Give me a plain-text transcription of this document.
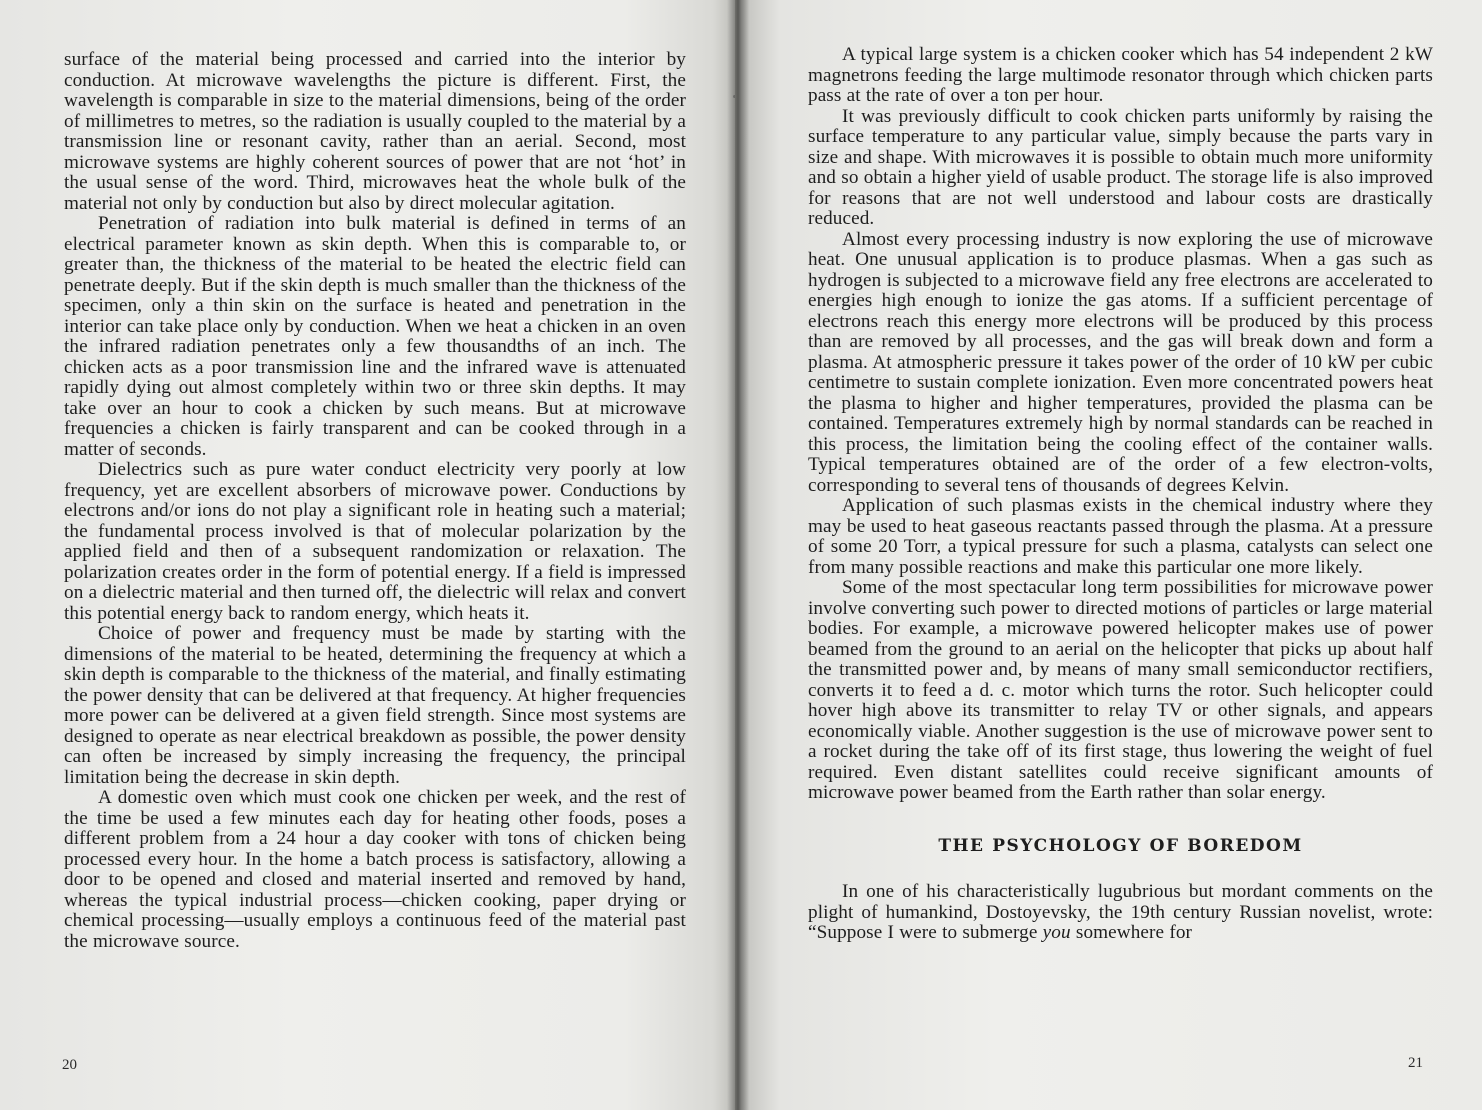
surface of the material being processed and carried into the interior by conduction. At microwave wavelengths the picture is different. First, the wavelength is comparable in size to the material dimensions, being of the order of millimetres to metres, so the radiation is usually coupled to the material by a transmission line or resonant cavity, rather than an aerial. Second, most microwave systems are highly coherent sources of power that are not ‘hot’ in the usual sense of the word. Third, microwaves heat the whole bulk of the material not only by conduction but also by direct molecular agitation.

Penetration of radiation into bulk material is defined in terms of an electrical parameter known as skin depth. When this is comparable to, or greater than, the thickness of the material to be heated the electric field can penetrate deeply. But if the skin depth is much smaller than the thickness of the specimen, only a thin skin on the surface is heated and penetration in the interior can take place only by conduction. When we heat a chicken in an oven the infrared radiation penetrates only a few thousandths of an inch. The chicken acts as a poor transmission line and the infrared wave is attenuated rapidly dying out almost completely within two or three skin depths. It may take over an hour to cook a chicken by such means. But at microwave frequencies a chicken is fairly transparent and can be cooked through in a matter of seconds.

Dielectrics such as pure water conduct electricity very poorly at low frequency, yet are excellent absorbers of microwave power. Conductions by electrons and/or ions do not play a significant role in heating such a material; the fundamental process involved is that of molecular polarization by the applied field and then of a subsequent randomization or relaxation. The polarization creates order in the form of potential energy. If a field is impressed on a dielectric material and then turned off, the dielectric will relax and convert this potential energy back to random energy, which heats it.

Choice of power and frequency must be made by starting with the dimensions of the material to be heated, determining the frequency at which a skin depth is comparable to the thickness of the material, and finally estimating the power density that can be delivered at that frequency. At higher frequencies more power can be delivered at a given field strength. Since most systems are designed to operate as near electrical breakdown as possible, the power density can often be increased by simply increasing the frequency, the principal limitation being the decrease in skin depth.

A domestic oven which must cook one chicken per week, and the rest of the time be used a few minutes each day for heating other foods, poses a different problem from a 24 hour a day cooker with tons of chicken being processed every hour. In the home a batch process is satisfactory, allowing a door to be opened and closed and material inserted and removed by hand, whereas the typical industrial process—chicken cooking, paper drying or chemical processing—usually employs a continuous feed of the material past the microwave source.

20

A typical large system is a chicken cooker which has 54 independent 2 kW magnetrons feeding the large multimode resonator through which chicken parts pass at the rate of over a ton per hour.

It was previously difficult to cook chicken parts uniformly by raising the surface temperature to any particular value, simply because the parts vary in size and shape. With microwaves it is possible to obtain much more uniformity and so obtain a higher yield of usable product. The storage life is also improved for reasons that are not well understood and labour costs are drastically reduced.

Almost every processing industry is now exploring the use of microwave heat. One unusual application is to produce plasmas. When a gas such as hydrogen is subjected to a microwave field any free electrons are accelerated to energies high enough to ionize the gas atoms. If a sufficient percentage of electrons reach this energy more electrons will be produced by this process than are removed by all processes, and the gas will break down and form a plasma. At atmospheric pressure it takes power of the order of 10 kW per cubic centimetre to sustain complete ionization. Even more concentrated powers heat the plasma to higher and higher temperatures, provided the plasma can be contained. Temperatures extremely high by normal standards can be reached in this process, the limitation being the cooling effect of the container walls. Typical temperatures obtained are of the order of a few electron-volts, corresponding to several tens of thousands of degrees Kelvin.

Application of such plasmas exists in the chemical industry where they may be used to heat gaseous reactants passed through the plasma. At a pressure of some 20 Torr, a typical pressure for such a plasma, catalysts can select one from many possible reactions and make this particular one more likely.

Some of the most spectacular long term possibilities for microwave power involve converting such power to directed motions of particles or large material bodies. For example, a microwave powered helicopter makes use of power beamed from the ground to an aerial on the helicopter that picks up about half the transmitted power and, by means of many small semiconductor rectifiers, converts it to feed a d. c. motor which turns the rotor. Such helicopter could hover high above its transmitter to relay TV or other signals, and appears economically viable. Another suggestion is the use of microwave power sent to a rocket during the take off of its first stage, thus lowering the weight of fuel required. Even distant satellites could receive significant amounts of microwave power beamed from the Earth rather than solar energy.

THE PSYCHOLOGY OF BOREDOM

In one of his characteristically lugubrious but mordant comments on the plight of humankind, Dostoyevsky, the 19th century Russian novelist, wrote: “Suppose I were to submerge you somewhere for

21
